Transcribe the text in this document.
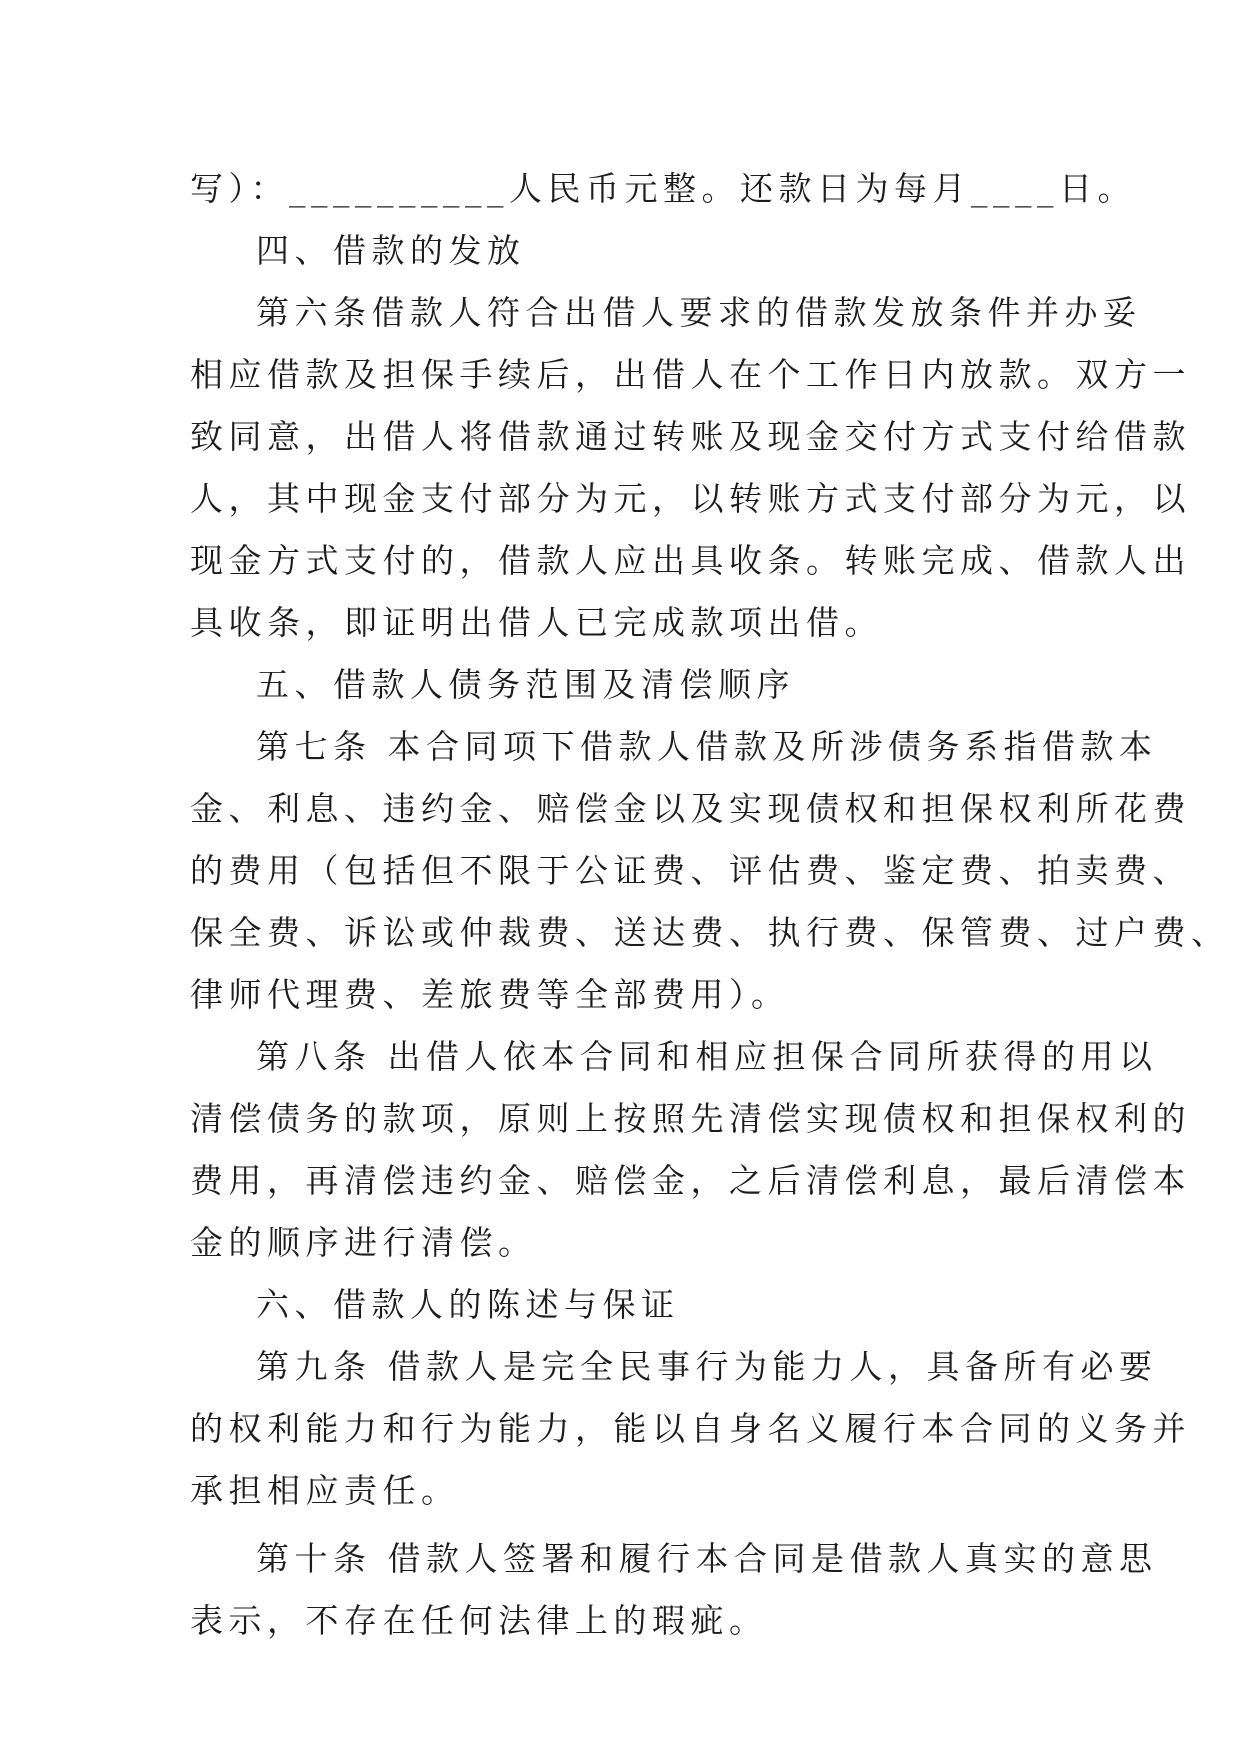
写）：__________人民币元整。还款日为每月____日。
四、借款的发放
第六条借款人符合出借人要求的借款发放条件并办妥
相应借款及担保手续后，出借人在个工作日内放款。双方一
致同意，出借人将借款通过转账及现金交付方式支付给借款
人，其中现金支付部分为元，以转账方式支付部分为元，以
现金方式支付的，借款人应出具收条。转账完成、借款人出
具收条，即证明出借人已完成款项出借。
五、借款人债务范围及清偿顺序
第七条 本合同项下借款人借款及所涉债务系指借款本
金、利息、违约金、赔偿金以及实现债权和担保权利所花费
的费用（包括但不限于公证费、评估费、鉴定费、拍卖费、
保全费、诉讼或仲裁费、送达费、执行费、保管费、过户费、
律师代理费、差旅费等全部费用）。
第八条 出借人依本合同和相应担保合同所获得的用以
清偿债务的款项，原则上按照先清偿实现债权和担保权利的
费用，再清偿违约金、赔偿金，之后清偿利息，最后清偿本
金的顺序进行清偿。
六、借款人的陈述与保证
第九条 借款人是完全民事行为能力人，具备所有必要
的权利能力和行为能力，能以自身名义履行本合同的义务并
承担相应责任。
第十条 借款人签署和履行本合同是借款人真实的意思
表示，不存在任何法律上的瑕疵。
